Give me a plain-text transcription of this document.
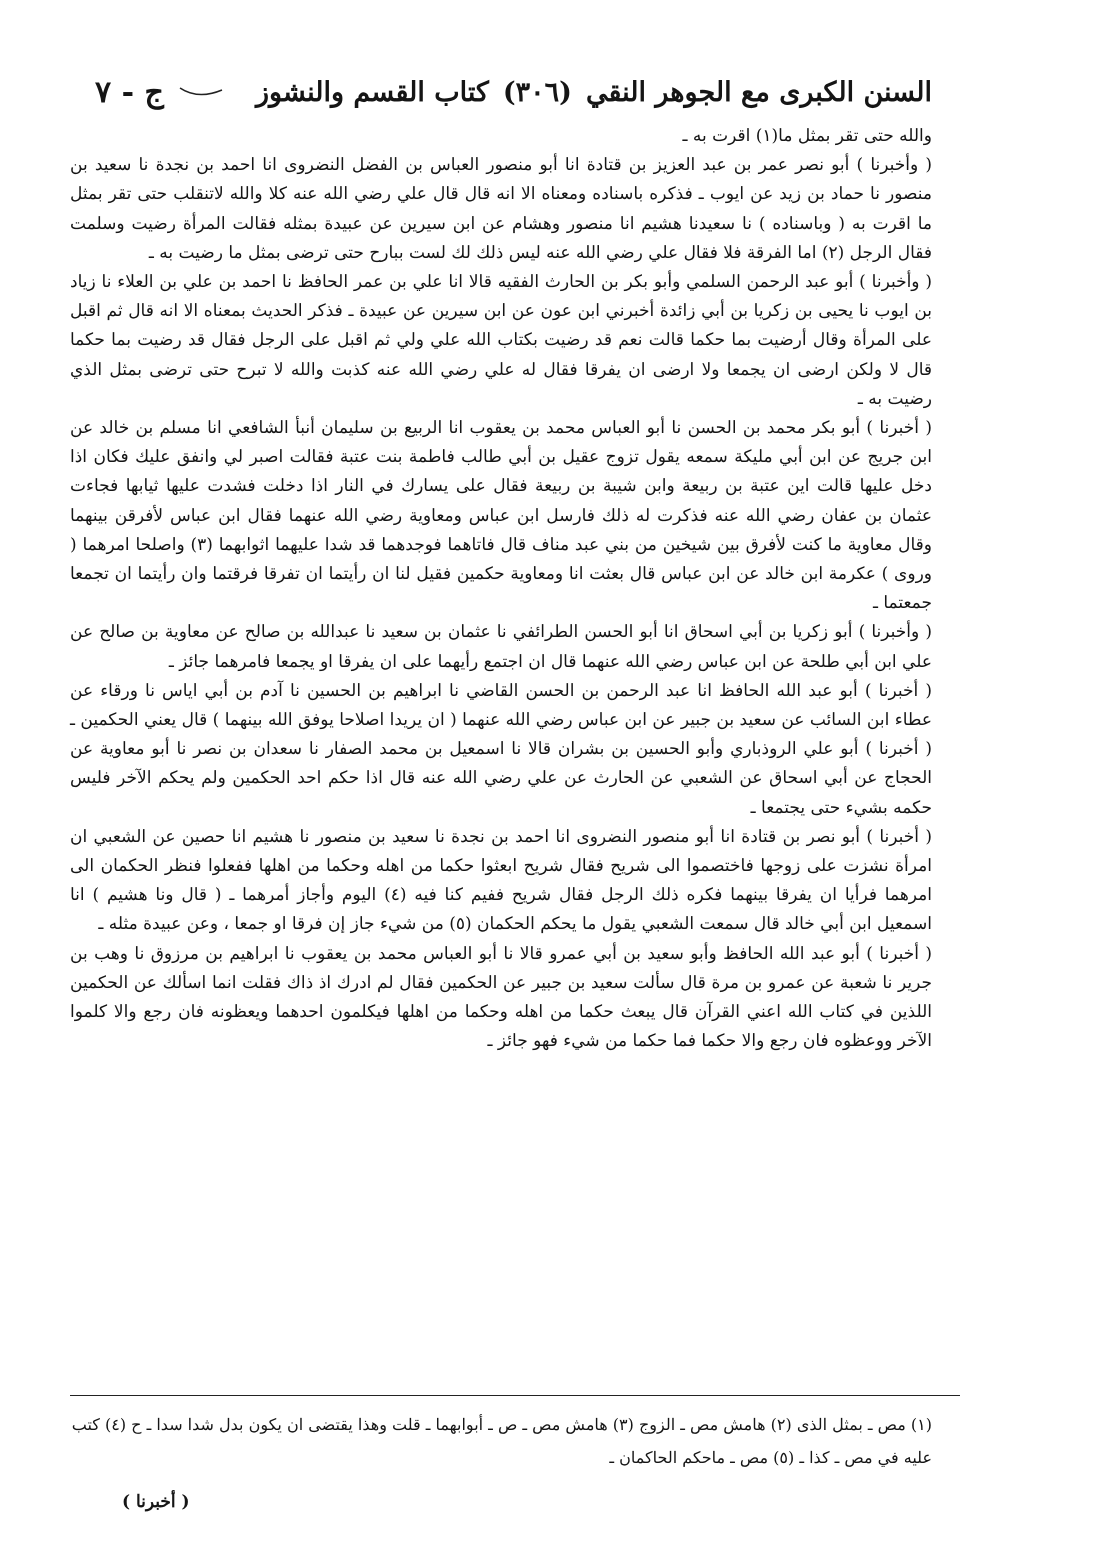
السنن الكبرى مع الجوهر النقي
(٣٠٦)
كتاب القسم والنشوز
ج - ٧

والله حتى تقر بمثل ما(١) اقرت به ـ

( وأخبرنا ) أبو نصر عمر بن عبد العزيز بن قتادة انا أبو منصور العباس بن الفضل النضروى انا احمد بن نجدة نا سعيد بن منصور نا حماد بن زيد عن ايوب ـ فذكره باسناده ومعناه الا انه قال قال علي رضي الله عنه كلا والله لاتنقلب حتى تقر بمثل ما اقرت به ( وباسناده ) نا سعيدنا هشيم انا منصور وهشام عن ابن سيرين عن عبيدة بمثله فقالت المرأة رضيت وسلمت فقال الرجل (٢) اما الفرقة فلا فقال علي رضي الله عنه ليس ذلك لك لست ببارح حتى ترضى بمثل ما رضيت به ـ

( وأخبرنا ) أبو عبد الرحمن السلمي وأبو بكر بن الحارث الفقيه قالا انا علي بن عمر الحافظ نا احمد بن علي بن العلاء نا زياد بن ايوب نا يحيى بن زكريا بن أبي زائدة أخبرني ابن عون عن ابن سيرين عن عبيدة ـ فذكر الحديث بمعناه الا انه قال ثم اقبل على المرأة وقال أرضيت بما حكما قالت نعم قد رضيت بكتاب الله علي ولي ثم اقبل على الرجل فقال قد رضيت بما حكما قال لا ولكن ارضى ان يجمعا ولا ارضى ان يفرقا فقال له علي رضي الله عنه كذبت والله لا تبرح حتى ترضى بمثل الذي رضيت به ـ

( أخبرنا ) أبو بكر محمد بن الحسن نا أبو العباس محمد بن يعقوب انا الربيع بن سليمان أنبأ الشافعي انا مسلم بن خالد عن ابن جريج عن ابن أبي مليكة سمعه يقول تزوج عقيل بن أبي طالب فاطمة بنت عتبة فقالت اصبر لي وانفق عليك فكان اذا دخل عليها قالت اين عتبة بن ربيعة وابن شيبة بن ربيعة فقال على يسارك في النار اذا دخلت فشدت عليها ثيابها فجاءت عثمان بن عفان رضي الله عنه فذكرت له ذلك فارسل ابن عباس ومعاوية رضي الله عنهما فقال ابن عباس لأفرقن بينهما وقال معاوية ما كنت لأفرق بين شيخين من بني عبد مناف قال فاتاهما فوجدهما قد شدا عليهما اثوابهما (٣) واصلحا امرهما ( وروى ) عكرمة ابن خالد عن ابن عباس قال بعثت انا ومعاوية حكمين فقيل لنا ان رأيتما ان تفرقا فرقتما وان رأيتما ان تجمعا جمعتما ـ

( وأخبرنا ) أبو زكريا بن أبي اسحاق انا أبو الحسن الطرائفي نا عثمان بن سعيد نا عبدالله بن صالح عن معاوية بن صالح عن علي ابن أبي طلحة عن ابن عباس رضي الله عنهما قال ان اجتمع رأيهما على ان يفرقا او يجمعا فامرهما جائز ـ

( أخبرنا ) أبو عبد الله الحافظ انا عبد الرحمن بن الحسن القاضي نا ابراهيم بن الحسين نا آدم بن أبي اياس نا ورقاء عن عطاء ابن السائب عن سعيد بن جبير عن ابن عباس رضي الله عنهما ( ان يريدا اصلاحا يوفق الله بينهما ) قال يعني الحكمين ـ

( أخبرنا ) أبو علي الروذباري وأبو الحسين بن بشران قالا نا اسمعيل بن محمد الصفار نا سعدان بن نصر نا أبو معاوية عن الحجاج عن أبي اسحاق عن الشعبي عن الحارث عن علي رضي الله عنه قال اذا حكم احد الحكمين ولم يحكم الآخر فليس حكمه بشيء حتى يجتمعا ـ

( أخبرنا ) أبو نصر بن قتادة انا أبو منصور النضروى انا احمد بن نجدة نا سعيد بن منصور نا هشيم انا حصين عن الشعبي ان امرأة نشزت على زوجها فاختصموا الى شريح فقال شريح ابعثوا حكما من اهله وحكما من اهلها ففعلوا فنظر الحكمان الى امرهما فرأيا ان يفرقا بينهما فكره ذلك الرجل فقال شريح ففيم كنا فيه (٤) اليوم وأجاز أمرهما ـ ( قال ونا هشيم ) انا اسمعيل ابن أبي خالد قال سمعت الشعبي يقول ما يحكم الحكمان (٥) من شيء جاز إن فرقا او جمعا ، وعن عبيدة مثله ـ

( أخبرنا ) أبو عبد الله الحافظ وأبو سعيد بن أبي عمرو قالا نا أبو العباس محمد بن يعقوب نا ابراهيم بن مرزوق نا وهب بن جرير نا شعبة عن عمرو بن مرة قال سألت سعيد بن جبير عن الحكمين فقال لم ادرك اذ ذاك فقلت انما اسألك عن الحكمين اللذين في كتاب الله اعني القرآن قال يبعث حكما من اهله وحكما من اهلها فيكلمون احدهما ويعظونه فان رجع والا كلموا الآخر ووعظوه فان رجع والا حكما فما حكما من شيء فهو جائز ـ

(١) مص ـ بمثل الذى (٢) هامش مص ـ الزوج (٣) هامش مص ـ ص ـ أبوابهما ـ قلت وهذا يقتضى ان يكون بدل شدا سدا ـ ح (٤) كتب عليه في مص ـ كذا ـ (٥) مص ـ ماحكم الحاكمان ـ

( أخبرنا )
